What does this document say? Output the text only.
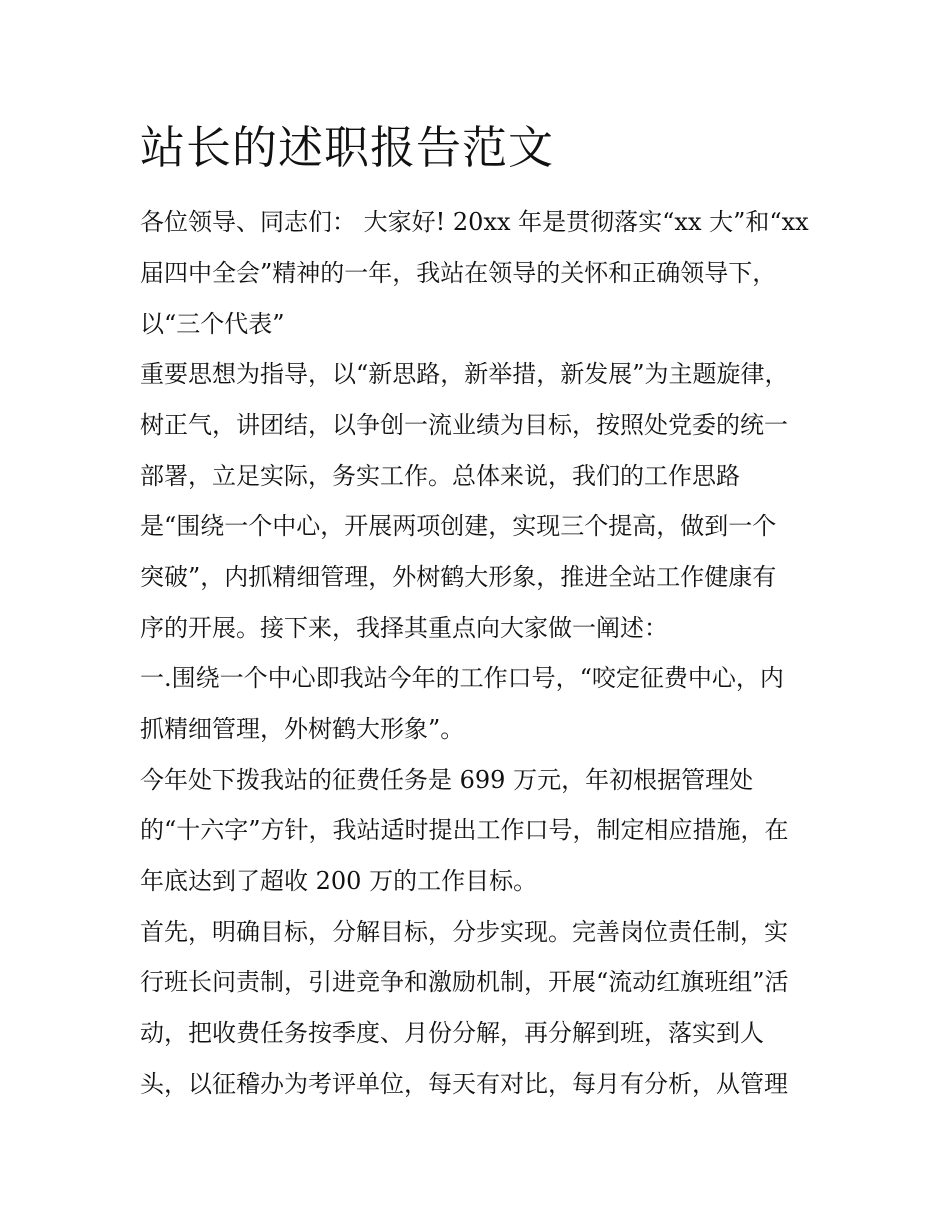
站长的述职报告范文

各位领导、同志们： 大家好! 20xx 年是贯彻落实“xx 大”和“xx

届四中全会”精神的一年，我站在领导的关怀和正确领导下，

以“三个代表”

重要思想为指导，以“新思路，新举措，新发展”为主题旋律，

树正气，讲团结，以争创一流业绩为目标，按照处党委的统一

部署，立足实际，务实工作。总体来说，我们的工作思路

是“围绕一个中心，开展两项创建，实现三个提高，做到一个

突破”，内抓精细管理，外树鹤大形象，推进全站工作健康有

序的开展。接下来，我择其重点向大家做一阐述：

一.围绕一个中心即我站今年的工作口号，“咬定征费中心，内

抓精细管理，外树鹤大形象”。

今年处下拨我站的征费任务是 699 万元，年初根据管理处

的“十六字”方针，我站适时提出工作口号，制定相应措施，在

年底达到了超收 200 万的工作目标。

首先，明确目标，分解目标，分步实现。完善岗位责任制，实

行班长问责制，引进竞争和激励机制，开展“流动红旗班组”活

动，把收费任务按季度、月份分解，再分解到班，落实到人

头，以征稽办为考评单位，每天有对比，每月有分析，从管理
